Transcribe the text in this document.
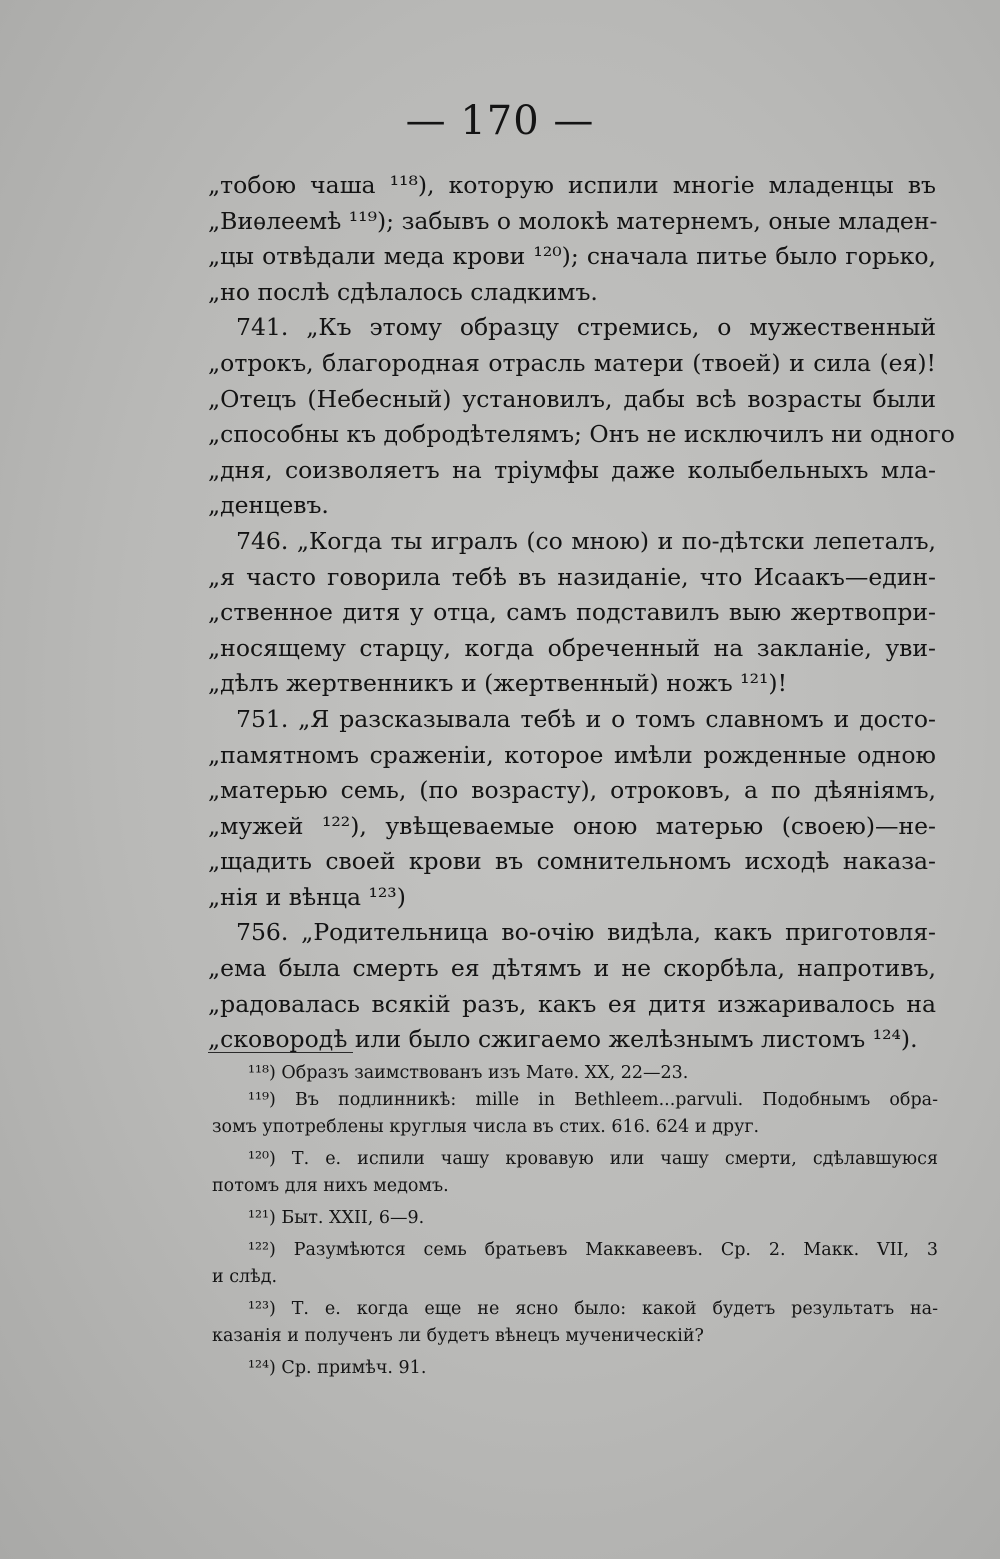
— 170 —
„тобою чаша ¹¹⁸), которую испили многіе младенцы въ
„Виѳлеемѣ ¹¹⁹); забывъ о молокѣ матернемъ, оные младен-
„цы отвѣдали меда крови ¹²⁰); сначала питье было горько,
„но послѣ сдѣлалось сладкимъ.
741. „Къ этому образцу стремись, о мужественный
„отрокъ, благородная отрасль матери (твоей) и сила (ея)!
„Отецъ (Небесный) установилъ, дабы всѣ возрасты были
„способны къ добродѣтелямъ; Онъ не исключилъ ни одного
„дня, соизволяетъ на тріумфы даже колыбельныхъ мла-
„денцевъ.
746. „Когда ты игралъ (со мною) и по-дѣтски лепеталъ,
„я часто говорила тебѣ въ назиданіе, что Исаакъ—един-
„ственное дитя у отца, самъ подставилъ выю жертвопри-
„носящему старцу, когда обреченный на закланіе, уви-
„дѣлъ жертвенникъ и (жертвенный) ножъ ¹²¹)!
751. „Я разсказывала тебѣ и о томъ славномъ и досто-
„памятномъ сраженіи, которое имѣли рожденные одною
„матерью семь, (по возрасту), отроковъ, а по дѣяніямъ,
„мужей ¹²²), увѣщеваемые оною матерью (своею)—не-
„щадить своей крови въ сомнительномъ исходѣ наказа-
„нія и вѣнца ¹²³)
756. „Родительница во-очію видѣла, какъ приготовля-
„ема была смерть ея дѣтямъ и не скорбѣла, напротивъ,
„радовалась всякій разъ, какъ ея дитя изжаривалось на
„сковородѣ или было сжигаемо желѣзнымъ листомъ ¹²⁴).
¹¹⁸) Образъ заимствованъ изъ Матѳ. XX, 22—23.
¹¹⁹) Въ подлинникѣ: mille in Bethleem...parvuli. Подобнымъ обра-
зомъ употреблены круглыя числа въ стих. 616. 624 и друг.
¹²⁰) Т. е. испили чашу кровавую или чашу смерти, сдѣлавшуюся
потомъ для нихъ медомъ.
¹²¹) Быт. XXII, 6—9.
¹²²) Разумѣются семь братьевъ Маккавеевъ. Ср. 2. Макк. VII, 3
и слѣд.
¹²³) Т. е. когда еще не ясно было: какой будетъ результатъ на-
казанія и полученъ ли будетъ вѣнецъ мученическій?
¹²⁴) Ср. примѣч. 91.
